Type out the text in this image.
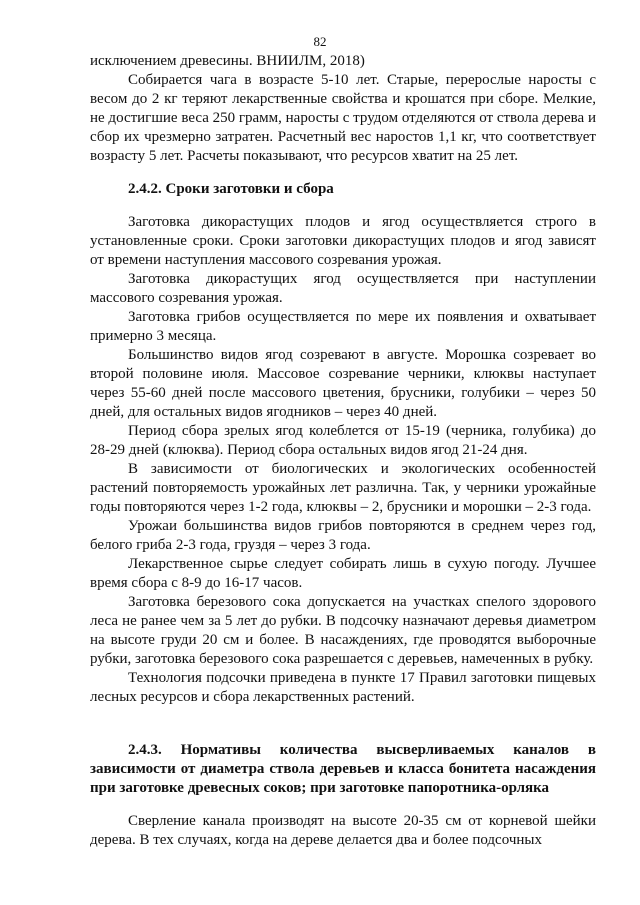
82

исключением древесины. ВНИИЛМ, 2018)

Собирается чага в возрасте 5-10 лет. Старые, перерослые наросты с весом до 2 кг теряют лекарственные свойства и крошатся при сборе. Мелкие, не достигшие веса 250 грамм, наросты с трудом отделяются от ствола дерева и сбор их чрезмерно затратен. Расчетный вес наростов 1,1 кг, что соответствует возрасту 5 лет. Расчеты показывают, что ресурсов хватит на 25 лет.

2.4.2. Сроки заготовки и сбора

Заготовка дикорастущих плодов и ягод осуществляется строго в установленные сроки. Сроки заготовки дикорастущих плодов и ягод зависят от времени наступления массового созревания урожая.

Заготовка дикорастущих ягод осуществляется при наступлении массового созревания урожая.

Заготовка грибов осуществляется по мере их появления и охватывает примерно 3 месяца.

Большинство видов ягод созревают в августе. Морошка созревает во второй половине июля. Массовое созревание черники, клюквы наступает через 55-60 дней после массового цветения, брусники, голубики – через 50 дней, для остальных видов ягодников – через 40 дней.

Период сбора зрелых ягод колеблется от 15-19 (черника, голубика) до 28-29 дней (клюква). Период сбора остальных видов ягод 21-24 дня.

В зависимости от биологических и экологических особенностей растений повторяемость урожайных лет различна. Так, у черники урожайные годы повторяются через 1-2 года, клюквы – 2, брусники и морошки – 2-3 года.

Урожаи большинства видов грибов повторяются в среднем через год, белого гриба 2-3 года, груздя – через 3 года.

Лекарственное сырье следует собирать лишь в сухую погоду. Лучшее время сбора с 8-9 до 16-17 часов.

Заготовка березового сока допускается на участках спелого здорового леса не ранее чем за 5 лет до рубки. В подсочку назначают деревья диаметром на высоте груди 20 см и более. В насаждениях, где проводятся выборочные рубки, заготовка березового сока разрешается с деревьев, намеченных в рубку.

Технология подсочки приведена в пункте 17 Правил заготовки пищевых лесных ресурсов и сбора лекарственных растений.

2.4.3. Нормативы количества высверливаемых каналов в зависимости от диаметра ствола деревьев и класса бонитета насаждения при заготовке древесных соков; при заготовке папоротника-орляка

Сверление канала производят на высоте 20-35 см от корневой шейки дерева. В тех случаях, когда на дереве делается два и более подсочных
